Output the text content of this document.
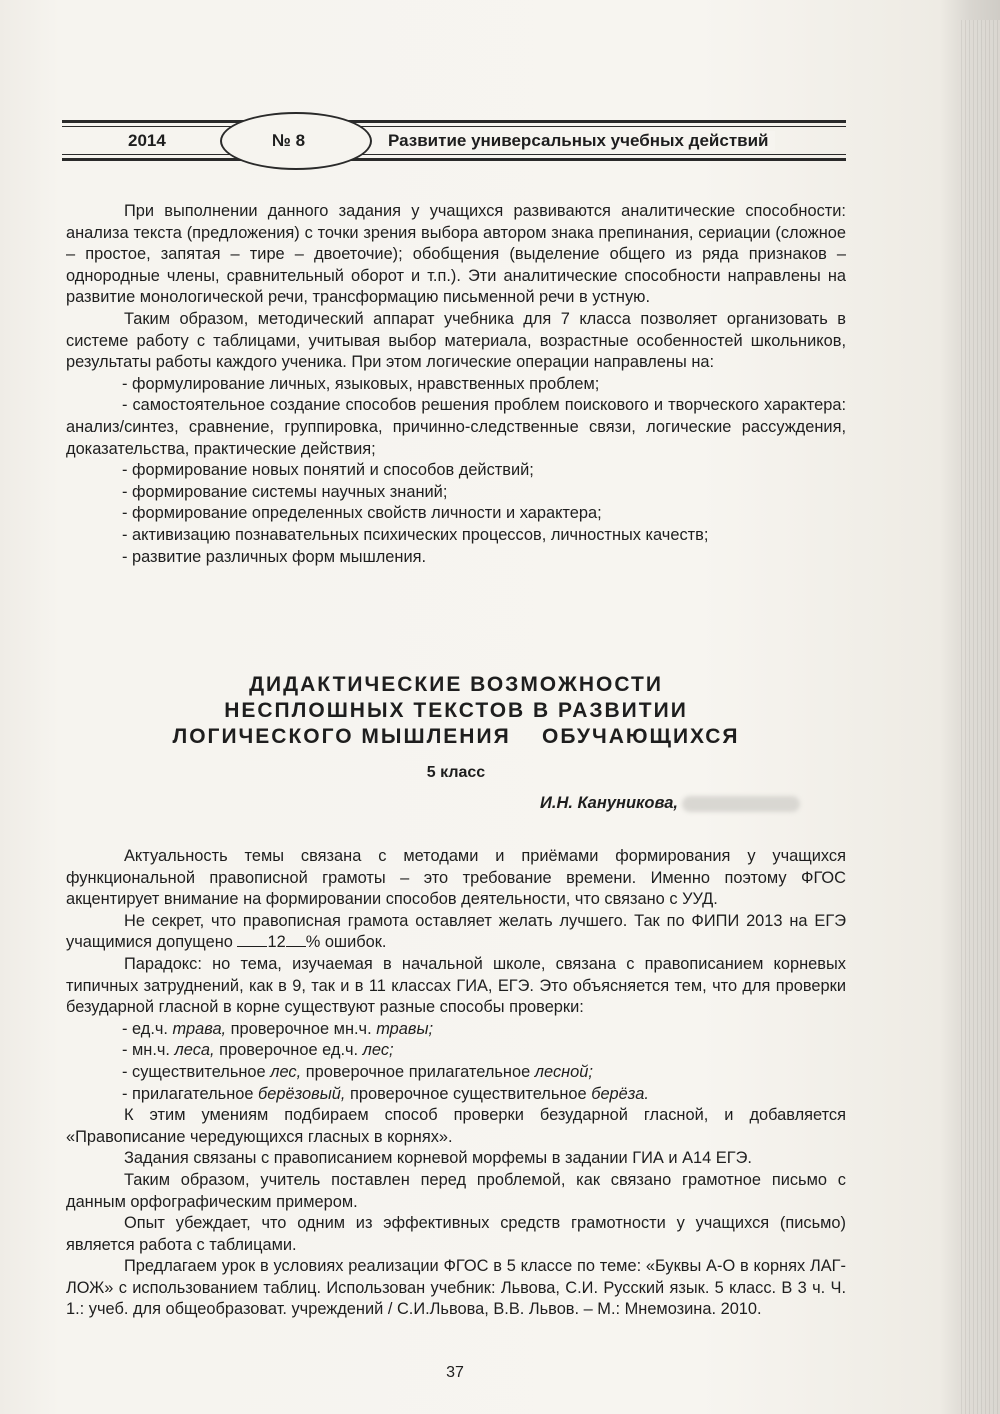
2014	№ 8	Развитие универсальных учебных действий

При выполнении данного задания у учащихся развиваются аналитические способности: анализа текста (предложения) с точки зрения выбора автором знака препинания, сериации (сложное – простое, запятая – тире – двоеточие); обобщения (выделение общего из ряда признаков – однородные члены, сравнительный оборот и т.п.). Эти аналитические способности направлены на развитие монологической речи, трансформацию письменной речи в устную.

Таким образом, методический аппарат учебника для 7 класса позволяет организовать в системе работу с таблицами, учитывая выбор материала, возрастные особенностей школьников, результаты работы каждого ученика. При этом логические операции направлены на:

- формулирование личных, языковых, нравственных проблем;

- самостоятельное создание способов решения проблем поискового и творческого характера: анализ/синтез, сравнение, группировка, причинно-следственные связи, логические рассуждения, доказательства, практические действия;

- формирование новых понятий и способов действий;

- формирование системы научных знаний;

- формирование определенных свойств личности и характера;

- активизацию познавательных психических процессов, личностных качеств;

- развитие различных форм мышления.

ДИДАКТИЧЕСКИЕ ВОЗМОЖНОСТИ
НЕСПЛОШНЫХ ТЕКСТОВ В РАЗВИТИИ
ЛОГИЧЕСКОГО МЫШЛЕНИЯ    ОБУЧАЮЩИХСЯ
5 класс
И.Н. Кануникова,

Актуальность темы связана с методами и приёмами формирования у учащихся функциональной правописной грамоты – это требование времени. Именно поэтому ФГОС акцентирует внимание на формировании способов деятельности, что связано с УУД.

Не секрет, что правописная грамота оставляет желать лучшего. Так по ФИПИ 2013 на ЕГЭ учащимися допущено 12 % ошибок.

Парадокс: но тема, изучаемая в начальной школе, связана с правописанием корневых типичных затруднений, как в 9, так и в 11 классах ГИА, ЕГЭ. Это объясняется тем, что для проверки безударной гласной в корне существуют разные способы проверки:

- ед.ч. трава, проверочное мн.ч. травы;

- мн.ч. леса, проверочное ед.ч. лес;

- существительное лес, проверочное прилагательное лесной;

- прилагательное берёзовый, проверочное существительное берёза.

К этим умениям подбираем способ проверки безударной гласной, и добавляется «Правописание чередующихся гласных в корнях».

Задания связаны с правописанием корневой морфемы в задании ГИА и А14 ЕГЭ.

Таким образом, учитель поставлен перед проблемой, как связано грамотное письмо с данным орфографическим примером.

Опыт убеждает, что одним из эффективных средств грамотности у учащихся (письмо) является работа с таблицами.

Предлагаем урок в условиях реализации ФГОС в 5 классе по теме: «Буквы А-О в корнях ЛАГ-ЛОЖ» с использованием таблиц. Использован учебник: Львова, С.И. Русский язык. 5 класс. В 3 ч. Ч. 1.: учеб. для общеобразоват. учреждений / С.И.Львова, В.В. Львов. – М.: Мнемозина. 2010.

37
